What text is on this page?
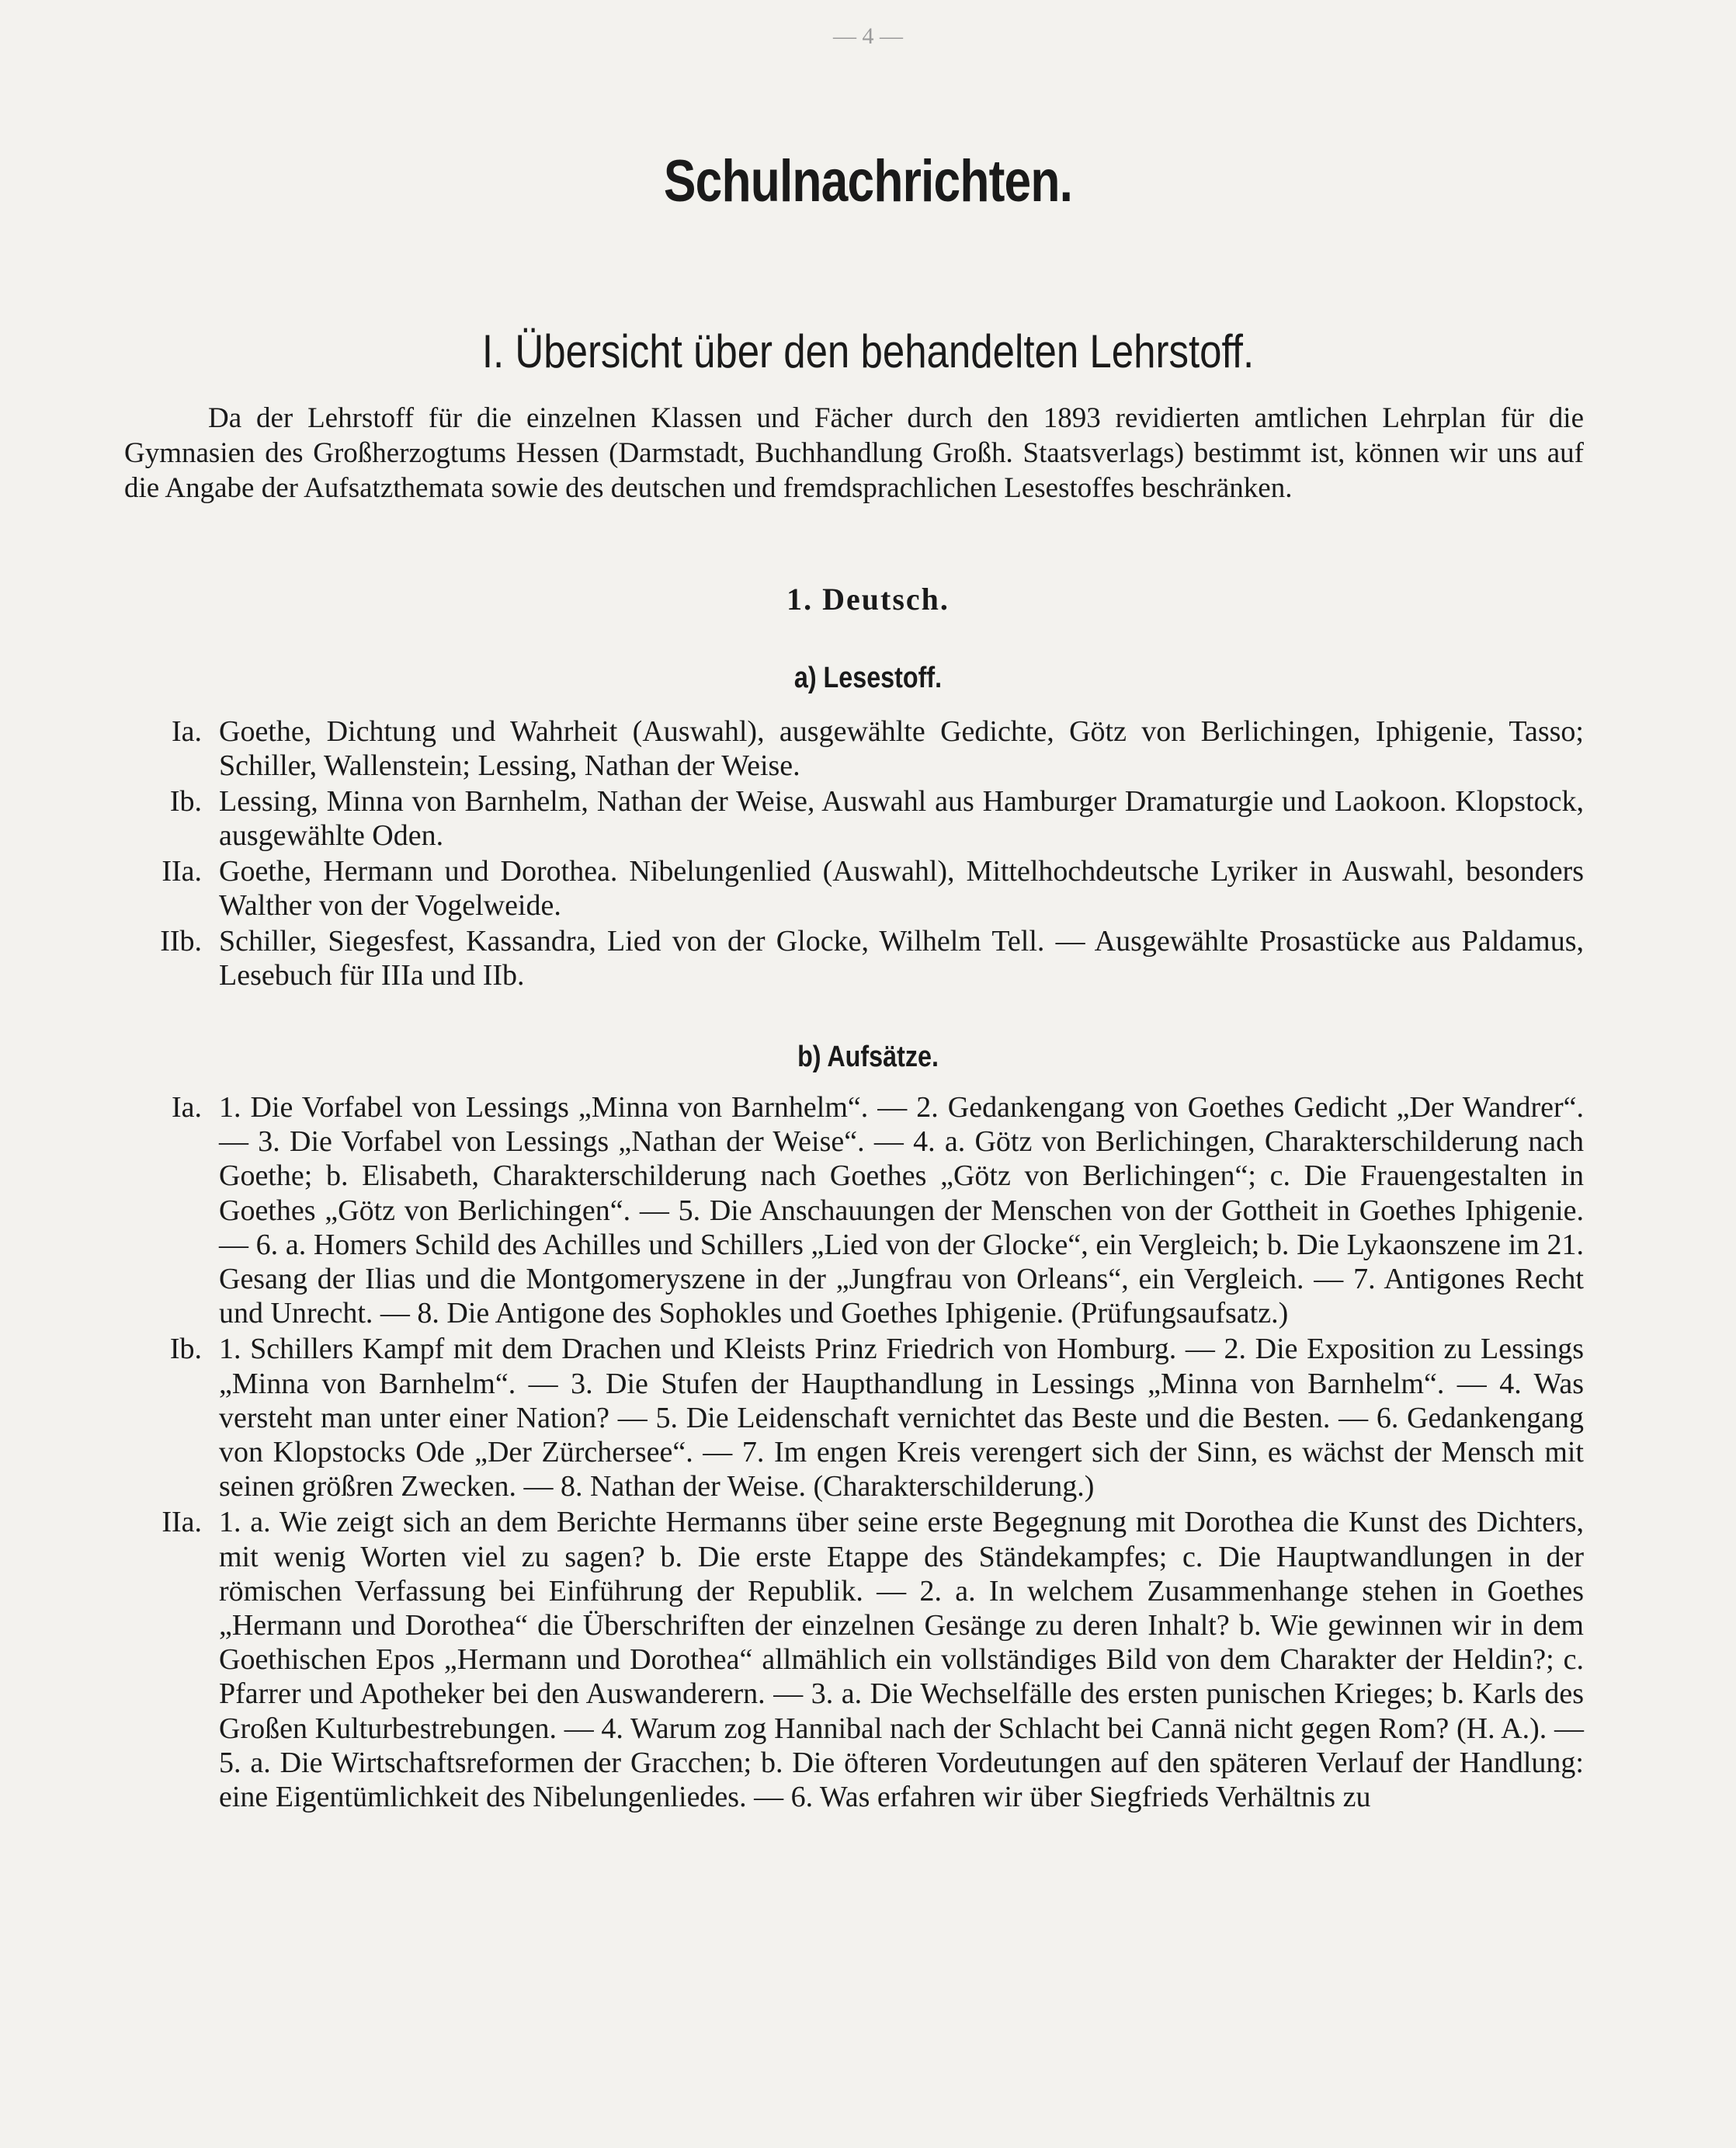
— 4 —
Schulnachrichten.
I. Übersicht über den behandelten Lehrstoff.
Da der Lehrstoff für die einzelnen Klassen und Fächer durch den 1893 revidierten amtlichen Lehrplan für die Gymnasien des Großherzogtums Hessen (Darmstadt, Buchhandlung Großh. Staatsverlags) bestimmt ist, können wir uns auf die Angabe der Aufsatzthemata sowie des deutschen und fremdsprachlichen Lesestoffes beschränken.
1. Deutsch.
a) Lesestoff.
Ia. Goethe, Dichtung und Wahrheit (Auswahl), ausgewählte Gedichte, Götz von Berlichingen, Iphigenie, Tasso; Schiller, Wallenstein; Lessing, Nathan der Weise.
Ib. Lessing, Minna von Barnhelm, Nathan der Weise, Auswahl aus Hamburger Dramaturgie und Laokoon. Klopstock, ausgewählte Oden.
IIa. Goethe, Hermann und Dorothea. Nibelungenlied (Auswahl), Mittelhochdeutsche Lyriker in Auswahl, besonders Walther von der Vogelweide.
IIb. Schiller, Siegesfest, Kassandra, Lied von der Glocke, Wilhelm Tell. — Ausgewählte Prosastücke aus Paldamus, Lesebuch für IIIa und IIb.
b) Aufsätze.
Ia. 1. Die Vorfabel von Lessings „Minna von Barnhelm“. — 2. Gedankengang von Goethes Gedicht „Der Wandrer“. — 3. Die Vorfabel von Lessings „Nathan der Weise“. — 4. a. Götz von Berlichingen, Charakterschilderung nach Goethe; b. Elisabeth, Charakterschilderung nach Goethes „Götz von Berlichingen“; c. Die Frauengestalten in Goethes „Götz von Berlichingen“. — 5. Die Anschauungen der Menschen von der Gottheit in Goethes Iphigenie. — 6. a. Homers Schild des Achilles und Schillers „Lied von der Glocke“, ein Vergleich; b. Die Lykaonszene im 21. Gesang der Ilias und die Montgomeryszene in der „Jungfrau von Orleans“, ein Vergleich. — 7. Antigones Recht und Unrecht. — 8. Die Antigone des Sophokles und Goethes Iphigenie. (Prüfungsaufsatz.)
Ib. 1. Schillers Kampf mit dem Drachen und Kleists Prinz Friedrich von Homburg. — 2. Die Exposition zu Lessings „Minna von Barnhelm“. — 3. Die Stufen der Haupthandlung in Lessings „Minna von Barnhelm“. — 4. Was versteht man unter einer Nation? — 5. Die Leidenschaft vernichtet das Beste und die Besten. — 6. Gedankengang von Klopstocks Ode „Der Zürchersee“. — 7. Im engen Kreis verengert sich der Sinn, es wächst der Mensch mit seinen größren Zwecken. — 8. Nathan der Weise. (Charakterschilderung.)
IIa. 1. a. Wie zeigt sich an dem Berichte Hermanns über seine erste Begegnung mit Dorothea die Kunst des Dichters, mit wenig Worten viel zu sagen? b. Die erste Etappe des Ständekampfes; c. Die Hauptwandlungen in der römischen Verfassung bei Einführung der Republik. — 2. a. In welchem Zusammenhange stehen in Goethes „Hermann und Dorothea“ die Überschriften der einzelnen Gesänge zu deren Inhalt? b. Wie gewinnen wir in dem Goethischen Epos „Hermann und Dorothea“ allmählich ein vollständiges Bild von dem Charakter der Heldin?; c. Pfarrer und Apotheker bei den Auswanderern. — 3. a. Die Wechselfälle des ersten punischen Krieges; b. Karls des Großen Kulturbestrebungen. — 4. Warum zog Hannibal nach der Schlacht bei Cannä nicht gegen Rom? (H. A.). — 5. a. Die Wirtschaftsreformen der Gracchen; b. Die öfteren Vordeutungen auf den späteren Verlauf der Handlung: eine Eigentümlichkeit des Nibelungenliedes. — 6. Was erfahren wir über Siegfrieds Verhältnis zu
